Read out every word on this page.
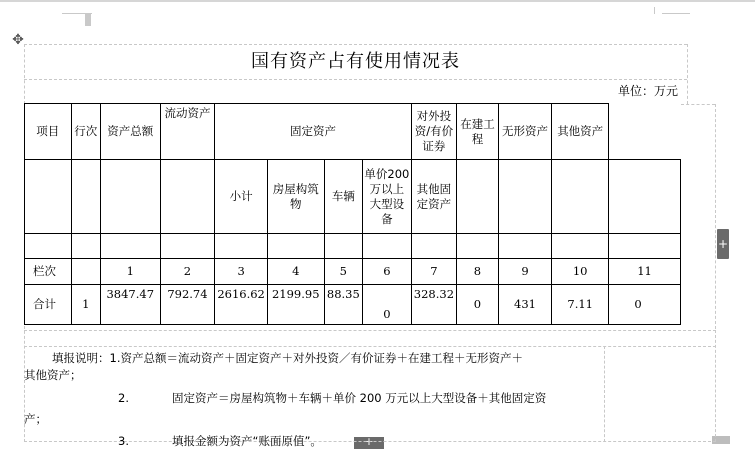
✥
+
+
国有资产占有使用情况表
单位：万元
项目	行次	资产总额	流动资产	固定资产				对外投资/有价证券	在建工程	无形资产	其他资产
				小计	房屋构筑物	车辆	单价200万以上大型设备	其他固定资产				

栏次		1	2	3	4	5	6	7	8	9	10	11
合计	1	3847.47	792.74	2616.62	2199.95	88.35	0	328.32	0	431	7.11	0
填报说明：1.资产总额＝流动资产＋固定资产＋对外投资／有价证券＋在建工程＋无形资产＋
其他资产；
2.	固定资产＝房屋构筑物＋车辆＋单价 200 万元以上大型设备＋其他固定资
产；
3.	填报金额为资产“账面原值”。
